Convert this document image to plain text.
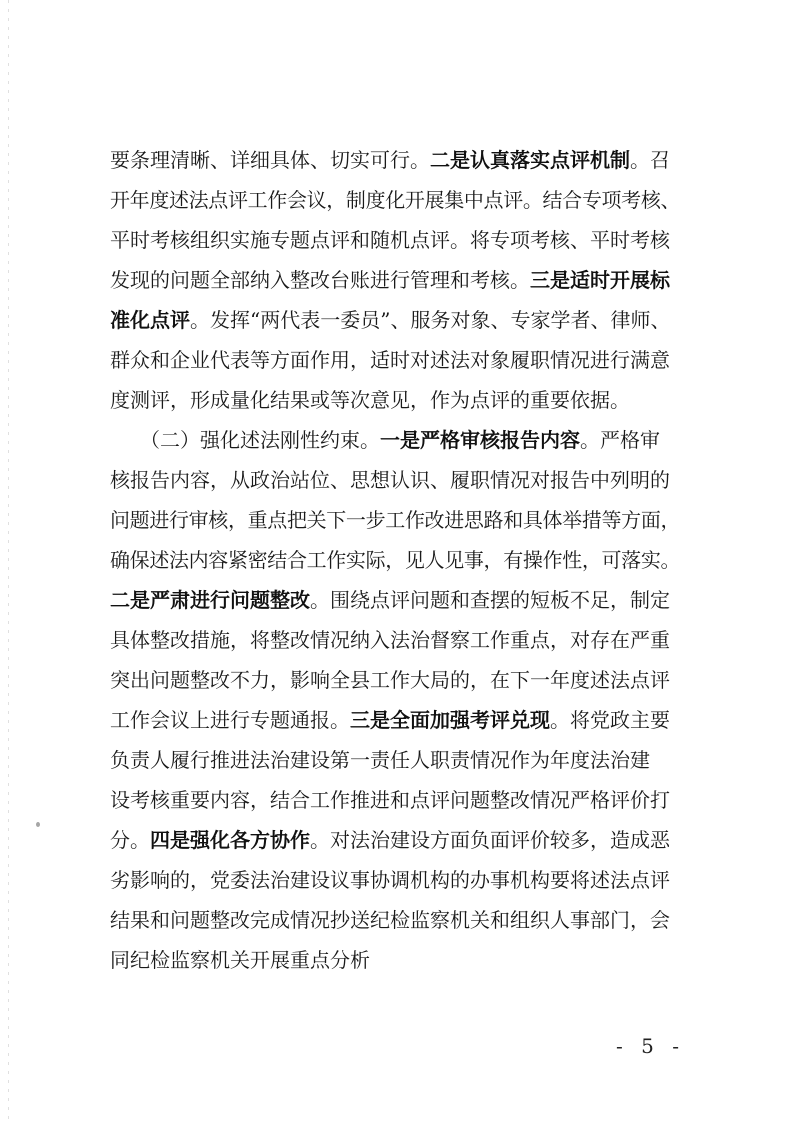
要条理清晰、详细具体、切实可行。 二是认真落实点评机制 。召
开年度述法点评工作会议，制度化开展集中点评。结合专项考核、
平时考核组织实施专题点评和随机点评。将专项考核、平时考核
发现的问题全部纳入整改台账进行管理和考核。 三是适时开展标
准化点评 。发挥“两代表一委员”、服务对象、专家学者、律师、
群众和企业代表等方面作用，适时对述法对象履职情况进行满意
度测评，形成量化结果或等次意见，作为点评的重要依据。
　　（二）强化述法刚性约束。 一是严格审核报告内容 。严格审
核报告内容，从政治站位、思想认识、履职情况对报告中列明的
问题进行审核，重点把关下一步工作改进思路和具体举措等方面，
确保述法内容紧密结合工作实际，见人见事，有操作性，可落实。
二是严肃进行问题整改 。围绕点评问题和查摆的短板不足，制定
具体整改措施，将整改情况纳入法治督察工作重点，对存在严重
突出问题整改不力，影响全县工作大局的，在下一年度述法点评
工作会议上进行专题通报。 三是全面加强考评兑现 。将党政主要
负责人履行推进法治建设第一责任人职责情况作为年度法治建
设考核重要内容，结合工作推进和点评问题整改情况严格评价打
分。 四是强化各方协作 。对法治建设方面负面评价较多，造成恶
劣影响的，党委法治建设议事协调机构的办事机构要将述法点评
结果和问题整改完成情况抄送纪检监察机关和组织人事部门，会
同纪检监察机关开展重点分析
- 5 -
